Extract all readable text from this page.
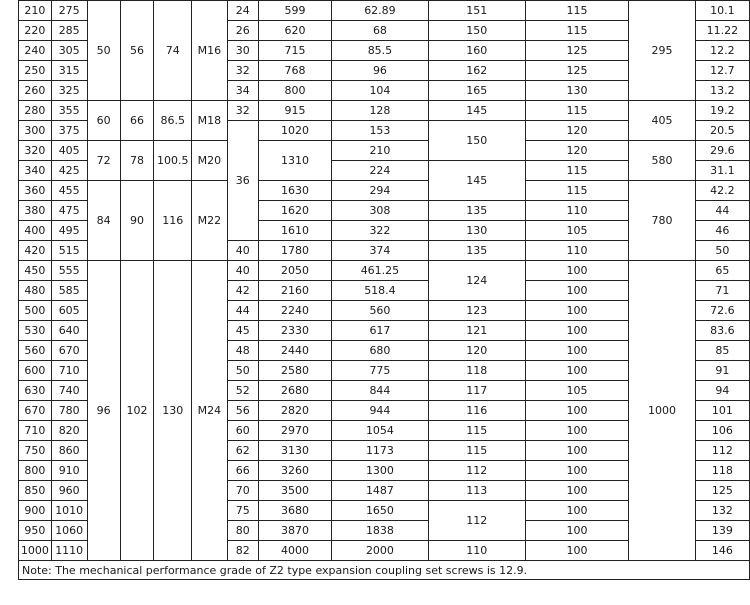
210	275	50	56	74	M16	24	599	62.89	151	115	295	10.1
220	285					26	620	68	150	115		11.22
240	305					30	715	85.5	160	125		12.2
250	315					32	768	96	162	125		12.7
260	325					34	800	104	165	130		13.2
280	355	60	66	86.5	M18	32	915	128	145	115	405	19.2
300	375					36	1020	153	150	120		20.5
320	405	72	78	100.5	M20		1310	210		120	580	29.6
340	425							224	145	115		31.1
360	455	84	90	116	M22		1630	294		115	780	42.2
380	475						1620	308	135	110		44
400	495						1610	322	130	105		46
420	515					40	1780	374	135	110		50
450	555	96	102	130	M24	40	2050	461.25	124	100	1000	65
480	585					42	2160	518.4		100		71
500	605					44	2240	560	123	100		72.6
530	640					45	2330	617	121	100		83.6
560	670					48	2440	680	120	100		85
600	710					50	2580	775	118	100		91
630	740					52	2680	844	117	105		94
670	780					56	2820	944	116	100		101
710	820					60	2970	1054	115	100		106
750	860					62	3130	1173	115	100		112
800	910					66	3260	1300	112	100		118
850	960					70	3500	1487	113	100		125
900	1010					75	3680	1650	112	100		132
950	1060					80	3870	1838		100		139
1000	1110					82	4000	2000	110	100		146
Note: The mechanical performance grade of Z2 type expansion coupling set screws is 12.9.												
